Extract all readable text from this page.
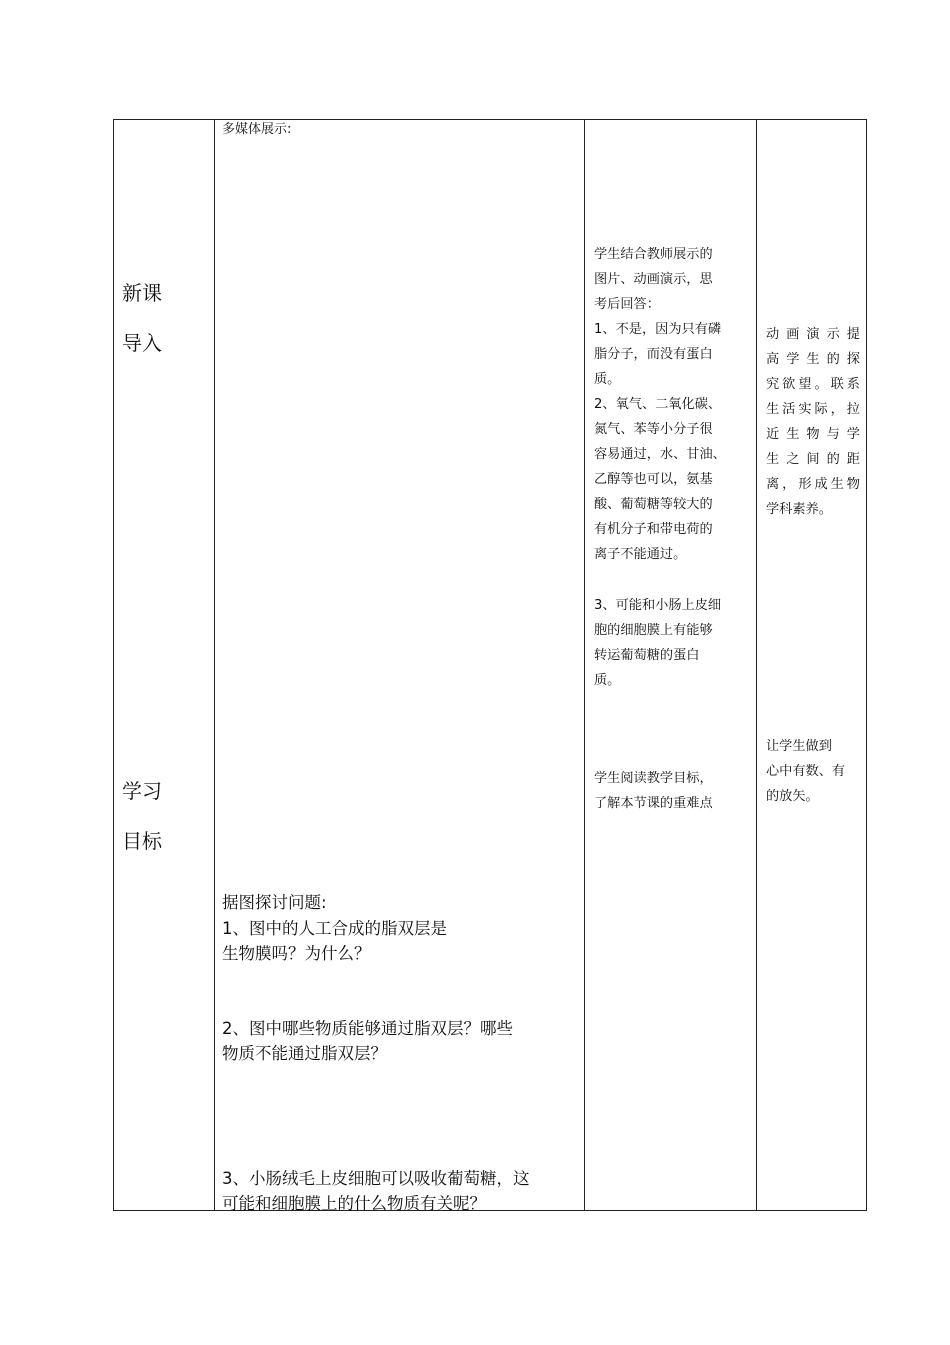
新课

导入

学习

目标

多媒体展示:
据图探讨问题:

1、图中的人工合成的脂双层是

生物膜吗？为什么？

2、图中哪些物质能够通过脂双层？哪些

物质不能通过脂双层？

3、小肠绒毛上皮细胞可以吸收葡萄糖，这

可能和细胞膜上的什么物质有关呢？

学生结合教师展示的

图片、动画演示，思

考后回答：

1、不是，因为只有磷

脂分子，而没有蛋白

质。

2、氧气、二氧化碳、

氮气、苯等小分子很

容易通过，水、甘油、

乙醇等也可以，氨基

酸、葡萄糖等较大的

有机分子和带电荷的

离子不能通过。

3、可能和小肠上皮细

胞的细胞膜上有能够

转运葡萄糖的蛋白

质。

学生阅读教学目标，

了解本节课的重难点

动画演示提

高学生的探

究欲望。联系

生活实际，拉

近生物与学

生之间的距

离，形成生物

学科素养。

让学生做到

心中有数、有

的放矢。
